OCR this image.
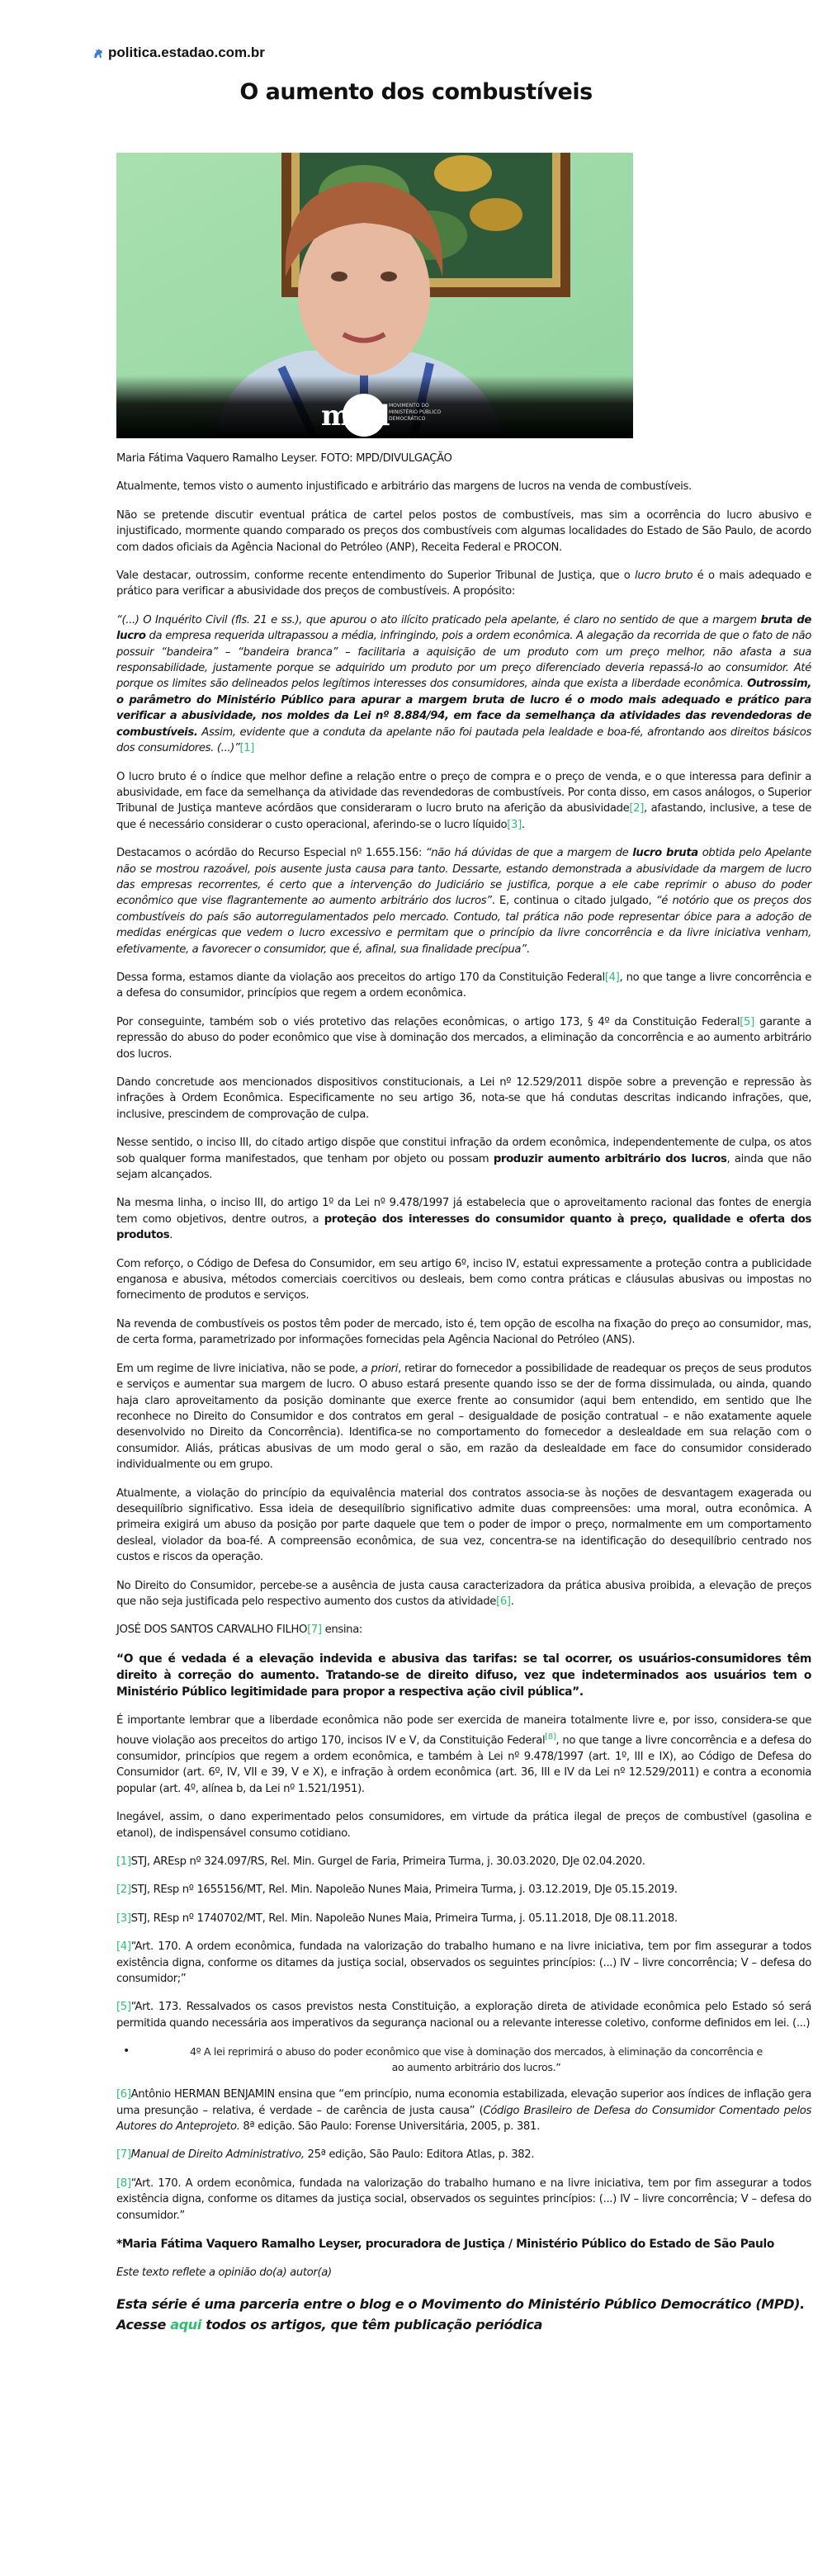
politica.estadao.com.br
O aumento dos combustíveis
mpd
MOVIMENTO DO
MINISTÉRIO PÚBLICO
DEMOCRÁTICO

Maria Fátima Vaquero Ramalho Leyser. FOTO: MPD/DIVULGAÇÃO

Atualmente, temos visto o aumento injustificado e arbitrário das margens de lucros na venda de combustíveis.

Não se pretende discutir eventual prática de cartel pelos postos de combustíveis, mas sim a ocorrência do lucro abusivo e injustificado, mormente quando comparado os preços dos combustíveis com algumas localidades do Estado de São Paulo, de acordo com dados oficiais da Agência Nacional do Petróleo (ANP), Receita Federal e PROCON.

Vale destacar, outrossim, conforme recente entendimento do Superior Tribunal de Justiça, que o lucro bruto é o mais adequado e prático para verificar a abusividade dos preços de combustíveis. A propósito:

“(...) O Inquérito Civil (fls. 21 e ss.), que apurou o ato ilícito praticado pela apelante, é claro no sentido de que a margem bruta de lucro da empresa requerida ultrapassou a média, infringindo, pois a ordem econômica. A alegação da recorrida de que o fato de não possuir “bandeira” – “bandeira branca” – facilitaria a aquisição de um produto com um preço melhor, não afasta a sua responsabilidade, justamente porque se adquirido um produto por um preço diferenciado deveria repassá-lo ao consumidor. Até porque os limites são delineados pelos legítimos interesses dos consumidores, ainda que exista a liberdade econômica. Outrossim, o parâmetro do Ministério Público para apurar a margem bruta de lucro é o modo mais adequado e prático para verificar a abusividade, nos moldes da Lei nº 8.884/94, em face da semelhança da atividades das revendedoras de combustíveis. Assim, evidente que a conduta da apelante não foi pautada pela lealdade e boa-fé, afrontando aos direitos básicos dos consumidores. (...)”[1]

O lucro bruto é o índice que melhor define a relação entre o preço de compra e o preço de venda, e o que interessa para definir a abusividade, em face da semelhança da atividade das revendedoras de combustíveis. Por conta disso, em casos análogos, o Superior Tribunal de Justiça manteve acórdãos que consideraram o lucro bruto na aferição da abusividade[2], afastando, inclusive, a tese de que é necessário considerar o custo operacional, aferindo-se o lucro líquido[3].

Destacamos o acórdão do Recurso Especial nº 1.655.156: “não há dúvidas de que a margem de lucro bruta obtida pelo Apelante não se mostrou razoável, pois ausente justa causa para tanto. Dessarte, estando demonstrada a abusividade da margem de lucro das empresas recorrentes, é certo que a intervenção do Judiciário se justifica, porque a ele cabe reprimir o abuso do poder econômico que vise flagrantemente ao aumento arbitrário dos lucros”. E, continua o citado julgado, “é notório que os preços dos combustíveis do país são autorregulamentados pelo mercado. Contudo, tal prática não pode representar óbice para a adoção de medidas enérgicas que vedem o lucro excessivo e permitam que o princípio da livre concorrência e da livre iniciativa venham, efetivamente, a favorecer o consumidor, que é, afinal, sua finalidade precípua”.

Dessa forma, estamos diante da violação aos preceitos do artigo 170 da Constituição Federal[4], no que tange a livre concorrência e a defesa do consumidor, princípios que regem a ordem econômica.

Por conseguinte, também sob o viés protetivo das relações econômicas, o artigo 173, § 4º da Constituição Federal[5] garante a repressão do abuso do poder econômico que vise à dominação dos mercados, a eliminação da concorrência e ao aumento arbitrário dos lucros.

Dando concretude aos mencionados dispositivos constitucionais, a Lei nº 12.529/2011 dispõe sobre a prevenção e repressão às infrações à Ordem Econômica. Especificamente no seu artigo 36, nota-se que há condutas descritas indicando infrações, que, inclusive, prescindem de comprovação de culpa.

Nesse sentido, o inciso III, do citado artigo dispõe que constitui infração da ordem econômica, independentemente de culpa, os atos sob qualquer forma manifestados, que tenham por objeto ou possam produzir aumento arbitrário dos lucros, ainda que não sejam alcançados.

Na mesma linha, o inciso III, do artigo 1º da Lei nº 9.478/1997 já estabelecia que o aproveitamento racional das fontes de energia tem como objetivos, dentre outros, a proteção dos interesses do consumidor quanto à preço, qualidade e oferta dos produtos.

Com reforço, o Código de Defesa do Consumidor, em seu artigo 6º, inciso IV, estatui expressamente a proteção contra a publicidade enganosa e abusiva, métodos comerciais coercitivos ou desleais, bem como contra práticas e cláusulas abusivas ou impostas no fornecimento de produtos e serviços.

Na revenda de combustíveis os postos têm poder de mercado, isto é, tem opção de escolha na fixação do preço ao consumidor, mas, de certa forma, parametrizado por informações fornecidas pela Agência Nacional do Petróleo (ANS).

Em um regime de livre iniciativa, não se pode, a priori, retirar do fornecedor a possibilidade de readequar os preços de seus produtos e serviços e aumentar sua margem de lucro. O abuso estará presente quando isso se der de forma dissimulada, ou ainda, quando haja claro aproveitamento da posição dominante que exerce frente ao consumidor (aqui bem entendido, em sentido que lhe reconhece no Direito do Consumidor e dos contratos em geral – desigualdade de posição contratual – e não exatamente aquele desenvolvido no Direito da Concorrência). Identifica-se no comportamento do fornecedor a deslealdade em sua relação com o consumidor. Aliás, práticas abusivas de um modo geral o são, em razão da deslealdade em face do consumidor considerado individualmente ou em grupo.

Atualmente, a violação do princípio da equivalência material dos contratos associa-se às noções de desvantagem exagerada ou desequilíbrio significativo. Essa ideia de desequilíbrio significativo admite duas compreensões: uma moral, outra econômica. A primeira exigirá um abuso da posição por parte daquele que tem o poder de impor o preço, normalmente em um comportamento desleal, violador da boa-fé. A compreensão econômica, de sua vez, concentra-se na identificação do desequilíbrio centrado nos custos e riscos da operação.

No Direito do Consumidor, percebe-se a ausência de justa causa caracterizadora da prática abusiva proibida, a elevação de preços que não seja justificada pelo respectivo aumento dos custos da atividade[6].

JOSÉ DOS SANTOS CARVALHO FILHO[7] ensina:

“O que é vedada é a elevação indevida e abusiva das tarifas: se tal ocorrer, os usuários-consumidores têm direito à correção do aumento. Tratando-se de direito difuso, vez que indeterminados aos usuários tem o Ministério Público legitimidade para propor a respectiva ação civil pública”.

É importante lembrar que a liberdade econômica não pode ser exercida de maneira totalmente livre e, por isso, considera-se que houve violação aos preceitos do artigo 170, incisos IV e V, da Constituição Federal[8], no que tange a livre concorrência e a defesa do consumidor, princípios que regem a ordem econômica, e também à Lei nº 9.478/1997 (art. 1º, III e IX), ao Código de Defesa do Consumidor (art. 6º, IV, VII e 39, V e X), e infração à ordem econômica (art. 36, III e IV da Lei nº 12.529/2011) e contra a economia popular (art. 4º, alínea b, da Lei nº 1.521/1951).

Inegável, assim, o dano experimentado pelos consumidores, em virtude da prática ilegal de preços de combustível (gasolina e etanol), de indispensável consumo cotidiano.

[1]STJ, AREsp nº 324.097/RS, Rel. Min. Gurgel de Faria, Primeira Turma, j. 30.03.2020, DJe 02.04.2020.

[2]STJ, REsp nº 1655156/MT, Rel. Min. Napoleão Nunes Maia, Primeira Turma, j. 03.12.2019, DJe 05.15.2019.

[3]STJ, REsp nº 1740702/MT, Rel. Min. Napoleão Nunes Maia, Primeira Turma, j. 05.11.2018, DJe 08.11.2018.

[4]“Art. 170. A ordem econômica, fundada na valorização do trabalho humano e na livre iniciativa, tem por fim assegurar a todos existência digna, conforme os ditames da justiça social, observados os seguintes princípios: (...) IV – livre concorrência; V – defesa do consumidor;”

[5]“Art. 173. Ressalvados os casos previstos nesta Constituição, a exploração direta de atividade econômica pelo Estado só será permitida quando necessária aos imperativos da segurança nacional ou a relevante interesse coletivo, conforme definidos em lei. (...)

• 4º A lei reprimirá o abuso do poder econômico que vise à dominação dos mercados, à eliminação da concorrência e ao aumento arbitrário dos lucros.”

[6]Antônio HERMAN BENJAMIN ensina que “em princípio, numa economia estabilizada, elevação superior aos índices de inflação gera uma presunção – relativa, é verdade – de carência de justa causa” (Código Brasileiro de Defesa do Consumidor Comentado pelos Autores do Anteprojeto. 8ª edição. São Paulo: Forense Universitária, 2005, p. 381.

[7]Manual de Direito Administrativo, 25ª edição, São Paulo: Editora Atlas, p. 382.

[8]“Art. 170. A ordem econômica, fundada na valorização do trabalho humano e na livre iniciativa, tem por fim assegurar a todos existência digna, conforme os ditames da justiça social, observados os seguintes princípios: (...) IV – livre concorrência; V – defesa do consumidor.”

*Maria Fátima Vaquero Ramalho Leyser, procuradora de Justiça / Ministério Público do Estado de São Paulo

Este texto reflete a opinião do(a) autor(a)

Esta série é uma parceria entre o blog e o Movimento do Ministério Público Democrático (MPD). Acesse aqui todos os artigos, que têm publicação periódica
